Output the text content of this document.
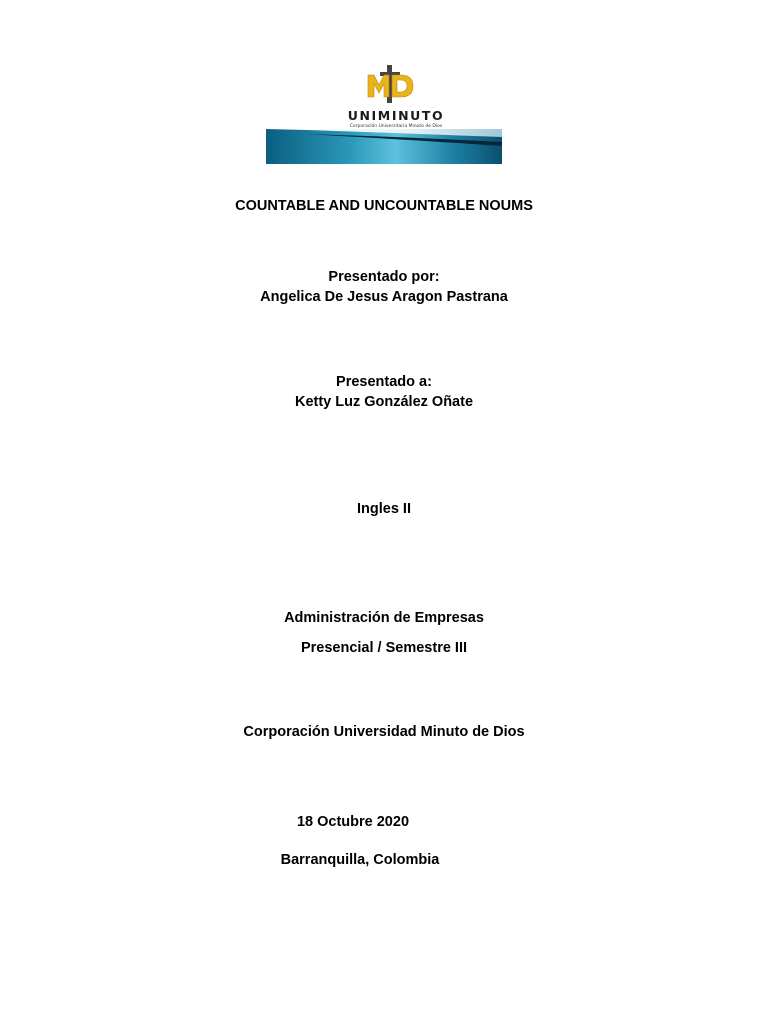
UNIMINUTO
Corporación Universitaria Minuto de Dios
COUNTABLE AND UNCOUNTABLE NOUMS
Presentado por:
Angelica De Jesus Aragon Pastrana
Presentado a:
Ketty Luz González Oñate
Ingles II
Administración de Empresas
Presencial / Semestre III
Corporación Universidad Minuto de Dios
18 Octubre 2020
Barranquilla, Colombia
